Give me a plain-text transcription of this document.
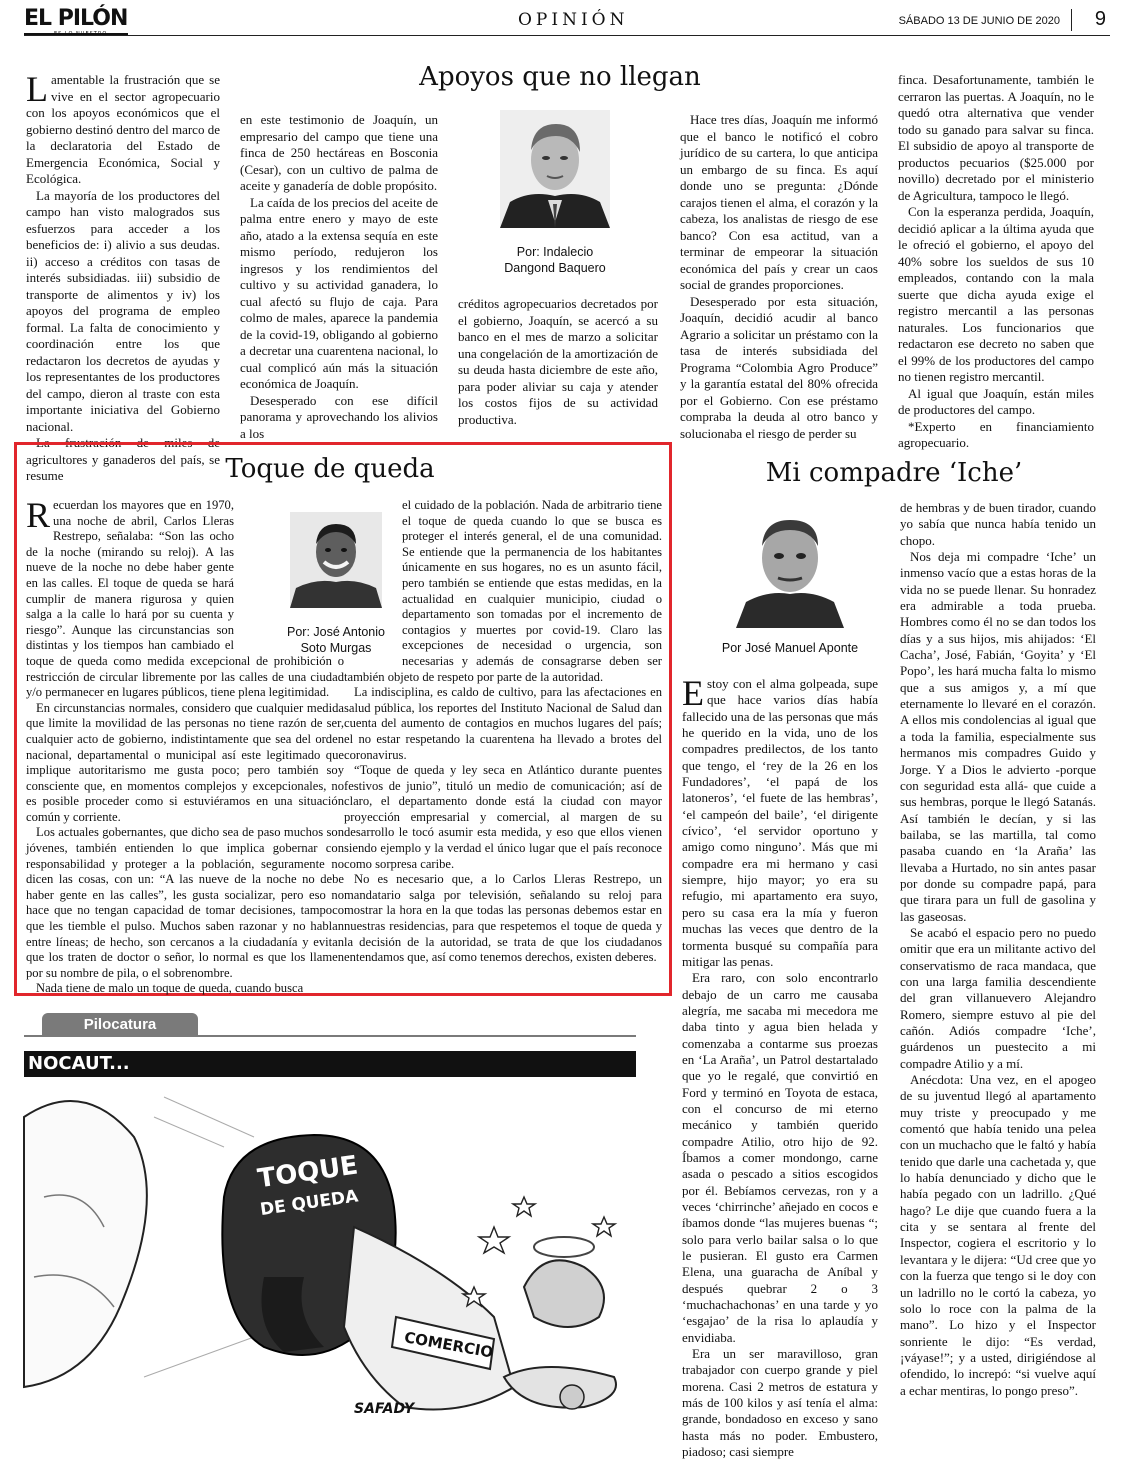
EL PILÓN
ES LO NUESTRO
OPINIÓN	SÁBADO 13 DE JUNIO DE 2020 9
Apoyos que no llegan

Lamentable la frustración que se vive en el sector agropecuario con los apoyos económicos que el gobierno destinó dentro del marco de la declaratoria del Estado de Emergencia Económica, Social y Ecológica.

La mayoría de los productores del campo han visto malogrados sus esfuerzos para acceder a los beneficios de: i) alivio a sus deudas. ii) acceso a créditos con tasas de interés subsidiadas. iii) subsidio de transporte de alimentos y iv) los apoyos del programa de empleo formal. La falta de conocimiento y coordinación entre los que redactaron los decretos de ayudas y los representantes de los productores del campo, dieron al traste con esta importante iniciativa del Gobierno nacional.

La frustración de miles de agricultores y ganaderos del país, se resume

en este testimonio de Joaquín, un empresario del campo que tiene una finca de 250 hectáreas en Bosconia (Cesar), con un cultivo de palma de aceite y ganadería de doble propósito.

La caída de los precios del aceite de palma entre enero y mayo de este año, atado a la extensa sequía en este mismo período, redujeron los ingresos y los rendimientos del cultivo y su actividad ganadera, lo cual afectó su flujo de caja. Para colmo de males, aparece la pandemia de la covid-19, obligando al gobierno a decretar una cuarentena nacional, lo cual complicó aún más la situación económica de Joaquín.

Desesperado con ese difícil panorama y aprovechando los alivios a los

Por: Indalecio
Dangond Baquero

créditos agropecuarios decretados por el gobierno, Joaquín, se acercó a su banco en el mes de marzo a solicitar una congelación de la amortización de su deuda hasta diciembre de este año, para poder aliviar su caja y atender los costos fijos de su actividad productiva.

Hace tres días, Joaquín me informó que el banco le notificó el cobro jurídico de su cartera, lo que anticipa un embargo de su finca. Es aquí donde uno se pregunta: ¿Dónde carajos tienen el alma, el corazón y la cabeza, los analistas de riesgo de ese banco? Con esa actitud, van a terminar de empeorar la situación económica del país y crear un caos social de grandes proporciones.

Desesperado por esta situación, Joaquín, decidió acudir al banco Agrario a solicitar un préstamo con la tasa de interés subsidiada del Programa “Colombia Agro Produce” y la garantía estatal del 80% ofrecida por el Gobierno. Con ese préstamo compraba la deuda al otro banco y solucionaba el riesgo de perder su

finca. Desafortunamente, también le cerraron las puertas. A Joaquín, no le quedó otra alternativa que vender todo su ganado para salvar su finca. El subsidio de apoyo al transporte de productos pecuarios ($25.000 por novillo) decretado por el ministerio de Agricultura, tampoco le llegó.

Con la esperanza perdida, Joaquín, decidió aplicar a la última ayuda que le ofreció el gobierno, el apoyo del 40% sobre los sueldos de sus 10 empleados, contando con la mala suerte que dicha ayuda exige el registro mercantil a las personas naturales. Los funcionarios que redactaron ese decreto no saben que el 99% de los productores del campo no tienen registro mercantil.

Al igual que Joaquín, están miles de productores del campo.

*Experto en financiamiento agropecuario.

Toque de queda

Recuerdan los mayores que en 1970, una noche de abril, Carlos Lleras Restrepo, señalaba: “Son las ocho de la noche (mirando su reloj). A las nueve de la noche no debe haber gente en las calles. El toque de queda se hará cumplir de manera rigurosa y quien salga a la calle lo hará por su cuenta y riesgo”. Aunque las circunstancias son distintas y los tiempos han cambiado el toque de queda como medida excepcional de prohibición o restricción de circular libremente por las calles de una ciudad y/o permanecer en lugares públicos, tiene plena legitimidad.

En circunstancias normales, considero que cualquier medida que limite la movilidad de las personas no tiene razón de ser, cualquier acto de gobierno, indistintamente que sea del orden nacional, departamental o municipal así este legitimado que implique autoritarismo me gusta poco; pero también soy consciente que, en momentos complejos y excepcionales, no es posible proceder como si estuviéramos en una situación común y corriente.

Los actuales gobernantes, que dicho sea de paso muchos son jóvenes, también entienden lo que implica gobernar con responsabilidad y proteger a la población, seguramente no dicen las cosas, con un: “A las nueve de la noche no debe haber gente en las calles”, les gusta socializar, pero eso no hace que no tengan capacidad de tomar decisiones, tampoco que les tiemble el pulso. Muchos saben razonar y no hablan entre líneas; de hecho, son cercanos a la ciudadanía y evitan que los traten de doctor o señor, lo normal es que los llamen por su nombre de pila, o el sobrenombre.

Nada tiene de malo un toque de queda, cuando busca

Por: José Antonio
Soto Murgas

el cuidado de la población. Nada de arbitrario tiene el toque de queda cuando lo que se busca es proteger el interés general, el de una comunidad. Se entiende que la permanencia de los habitantes únicamente en sus hogares, no es un asunto fácil, pero también se entiende que estas medidas, en la actualidad en cualquier municipio, ciudad o departamento son tomadas por el incremento de contagios y muertes por covid-19. Claro las excepciones de necesidad o urgencia, son necesarias y además de consagrarse deben ser también objeto de respeto por parte de la autoridad.

La indisciplina, es caldo de cultivo, para las afectaciones en salud pública, los reportes del Instituto Nacional de Salud dan cuenta del aumento de contagios en muchos lugares del país; el no estar respetando la cuarentena ha llevado a brotes del coronavirus.

“Toque de queda y ley seca en Atlántico durante puentes festivos de junio”, tituló un medio de comunicación; así de claro, el departamento donde está la ciudad con mayor proyección empresarial y comercial, al margen de su desarrollo le tocó asumir esta medida, y eso que ellos vienen siendo ejemplo y la verdad el único lugar que el país reconoce como sorpresa caribe.

No es necesario que, a lo Carlos Lleras Restrepo, un mandatario salga por televisión, señalando su reloj para mostrar la hora en la que todas las personas debemos estar en nuestras residencias, para que respetemos el toque de queda y la decisión de la autoridad, se trata de que los ciudadanos entendamos que, así como tenemos derechos, existen deberes.

Mi compadre ‘Iche’
Por José Manuel Aponte

Estoy con el alma golpeada, supe que hace varios días había fallecido una de las personas que más he querido en la vida, uno de los compadres predilectos, de los tanto que tengo, el ‘rey de la 26 en los Fundadores’, ‘el papá de los latoneros’, ‘el fuete de las hembras’, ‘el campeón del baile’, ‘el dirigente cívico’, ‘el servidor oportuno y amigo como ninguno’. Más que mi compadre era mi hermano y casi siempre, hijo mayor; yo era su refugio, mi apartamento era suyo, pero su casa era la mía y fueron muchas las veces que dentro de la tormenta busqué su compañía para mitigar las penas.

Era raro, con solo encontrarlo debajo de un carro me causaba alegría, me sacaba mi mecedora me daba tinto y agua bien helada y comenzaba a contarme sus proezas en ‘La Araña’, un Patrol destartalado que yo le regalé, que convirtió en Ford y terminó en Toyota de estaca, con el concurso de mi eterno mecánico y también querido compadre Atilio, otro hijo de 92. Íbamos a comer mondongo, carne asada o pescado a sitios escogidos por él. Bebíamos cervezas, ron y a veces ‘chirrinche’ añejado en cocos e íbamos donde “las mujeres buenas “; solo para verlo bailar salsa o lo que le pusieran. El gusto era Carmen Elena, una guaracha de Aníbal y después quebrar 2 o 3 ‘muchachachonas’ en una tarde y yo ‘esgajao’ de la risa lo aplaudía y envidiaba.

Era un ser maravilloso, gran trabajador con cuerpo grande y piel morena. Casi 2 metros de estatura y más de 100 kilos y así tenía el alma: grande, bondadoso en exceso y sano hasta más no poder. Embustero, piadoso; casi siempre

de hembras y de buen tirador, cuando yo sabía que nunca había tenido un chopo.

Nos deja mi compadre ‘Iche’ un inmenso vacío que a estas horas de la vida no se puede llenar. Su honradez era admirable a toda prueba. Hombres como él no se dan todos los días y a sus hijos, mis ahijados: ‘El Cacha’, José, Fabián, ‘Goyita’ y ‘El Popo’, les hará mucha falta lo mismo que a sus amigos y, a mí que eternamente lo llevaré en el corazón. A ellos mis condolencias al igual que a toda la familia, especialmente sus hermanos mis compadres Guido y Jorge. Y a Dios le advierto -porque con seguridad esta allá- que cuide a sus hembras, porque le llegó Satanás. Así también le decían, y si las bailaba, se las martilla, tal como pasaba cuando en ‘la Araña’ las llevaba a Hurtado, no sin antes pasar por donde su compadre papá, para que tirara para un full de gasolina y las gaseosas.

Se acabó el espacio pero no puedo omitir que era un militante activo del conservatismo de raca mandaca, que con una larga familia descendiente del gran villanuevero Alejandro Romero, siempre estuvo al pie del cañón. Adiós compadre ‘Iche’, guárdenos un puestecito a mi compadre Atilio y a mí.

Anécdota: Una vez, en el apogeo de su juventud llegó al apartamento muy triste y preocupado y me comentó que había tenido una pelea con un muchacho que le faltó y había tenido que darle una cachetada y, que lo había denunciado y dicho que le había pegado con un ladrillo. ¿Qué hago? Le dije que cuando fuera a la cita y se sentara al frente del Inspector, cogiera el escritorio y lo levantara y le dijera: “Ud cree que yo con la fuerza que tengo si le doy con un ladrillo no le cortó la cabeza, yo solo lo roce con la palma de la mano”. Lo hizo y el Inspector sonriente le dijo: “Es verdad, ¡váyase!”; y a usted, dirigiéndose al ofendido, lo increpó: “si vuelve aquí a echar mentiras, lo pongo preso”.

Pilocatura
NOCAUT...
TOQUE
DE QUEDA
COMERCIO
SAFADY
